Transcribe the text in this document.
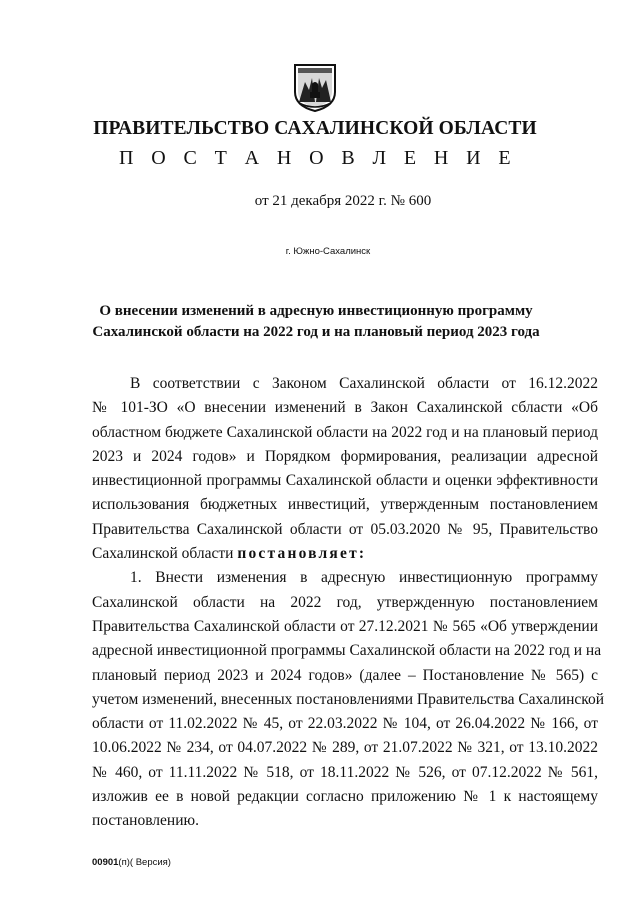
ПРАВИТЕЛЬСТВО САХАЛИНСКОЙ ОБЛАСТИ
П О С Т А Н О В Л Е Н И Е
от 21 декабря 2022 г. № 600
г. Южно-Сахалинск
О внесении изменений в адресную инвестиционную программу
Сахалинской области на 2022 год и на плановый период 2023 года
В соответствии с Законом Сахалинской области от 16.12.2022
№ 101-ЗО «О внесении изменений в Закон Сахалинской сбласти «Об
областном бюджете Сахалинской области на 2022 год и на плановый период
2023 и 2024 годов» и Порядком формирования, реализации адресной
инвестиционной программы Сахалинской области и оценки эффективности
использования бюджетных инвестиций, утвержденным постановлением
Правительства Сахалинской области от 05.03.2020 № 95, Правительство
Сахалинской области постановляет:
1. Внести изменения в адресную инвестиционную программу
Сахалинской области на 2022 год, утвержденную постановлением
Правительства Сахалинской области от 27.12.2021 № 565 «Об утверждении
адресной инвестиционной программы Сахалинской области на 2022 год и на
плановый период 2023 и 2024 годов» (далее – Постановление № 565) с
учетом изменений, внесенных постановлениями Правительства Сахалинской
области от 11.02.2022 № 45, от 22.03.2022 № 104, от 26.04.2022 № 166, от
10.06.2022 № 234, от 04.07.2022 № 289, от 21.07.2022 № 321, от 13.10.2022
№ 460, от 11.11.2022 № 518, от 18.11.2022 № 526, от 07.12.2022 № 561,
изложив ее в новой редакции согласно приложению № 1 к настоящему
постановлению.
00901(п)( Версия)
